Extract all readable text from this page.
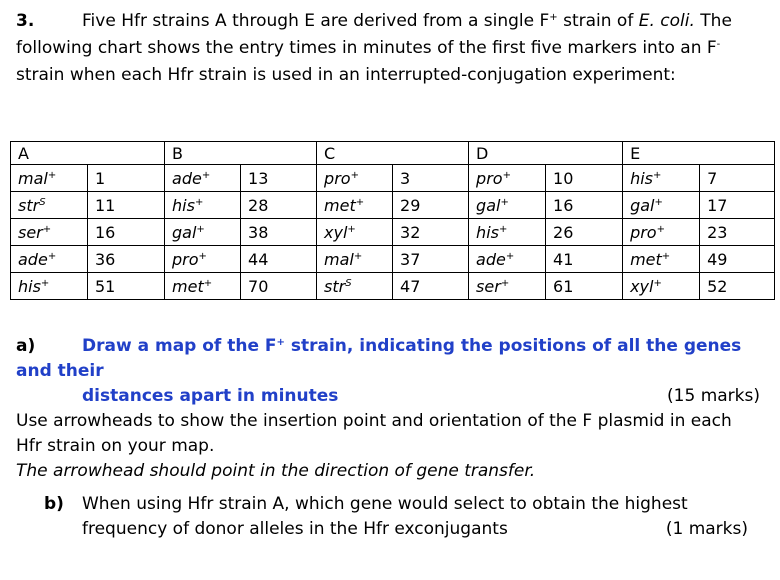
3.	Five Hfr strains A through E are derived from a single F+ strain of E. coli. The
following chart shows the entry times in minutes of the first five markers into an F-
strain when each Hfr strain is used in an interrupted-conjugation experiment:
A		B		C		D		E	
mal+	1	ade+	13	pro+	3	pro+	10	his+	7
str$^S$	11	his+	28	met+	29	gal+	16	gal+	17
ser+	16	gal+	38	xyl+	32	his+	26	pro+	23
ade+	36	pro+	44	mal+	37	ade+	41	met+	49
his+	51	met+	70	str$^S$	47	ser+	61	xyl+	52
a)	Draw a map of the F+ strain, indicating the positions of all the genes and their
distances apart in minutes	(15 marks)
Use arrowheads to show the insertion point and orientation of the F plasmid in each
Hfr strain on your map.
The arrowhead should point in the direction of gene transfer.
b) When using Hfr strain A, which gene would select to obtain the highest
frequency of donor alleles in the Hfr exconjugants	(1 marks)
